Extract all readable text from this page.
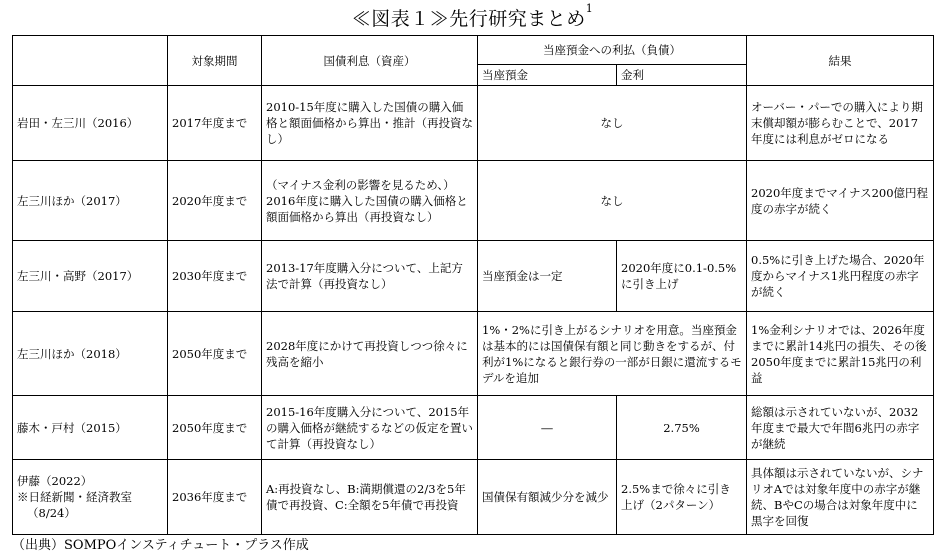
≪図表１≫先行研究まとめ$^1$
	対象期間	国債利息（資産）	当座預金への利払（負債）		結果
			当座預金	金利	
岩田・左三川（2016）	2017年度まで	2010-15年度に購入した国債の購入価格と額面価格から算出・推計（再投資なし）	なし		オーバー・パーでの購入により期末償却額が膨らむことで、2017年度には利息がゼロになる
左三川ほか（2017）	2020年度まで	（マイナス金利の影響を見るため、）2016年度に購入した国債の購入価格と額面価格から算出（再投資なし）	なし		2020年度までマイナス200億円程度の赤字が続く
左三川・高野（2017）	2030年度まで	2013-17年度購入分について、上記方法で計算（再投資なし）	当座預金は一定	2020年度に0.1-0.5%に引き上げ	0.5%に引き上げた場合、2020年度からマイナス1兆円程度の赤字が続く
左三川ほか（2018）	2050年度まで	2028年度にかけて再投資しつつ徐々に残高を縮小	1%・2%に引き上がるシナリオを用意。当座預金は基本的には国債保有額と同じ動きをするが、付利が1%になると銀行券の一部が日銀に還流するモデルを追加		1%金利シナリオでは、2026年度までに累計14兆円の損失、その後2050年度までに累計15兆円の利益
藤木・戸村（2015）	2050年度まで	2015-16年度購入分について、2015年の購入価格が継続するなどの仮定を置いて計算（再投資なし）	―	2.75%	総額は示されていないが、2032年度まで最大で年間6兆円の赤字が継続

伊藤（2022）
※日経新聞・経済教室
（8/24）	2036年度まで	A:再投資なし、B:満期償還の2/3を5年債で再投資、C:全額を5年債で再投資	国債保有額減少分を減少	2.5%まで徐々に引き上げ（2パターン）	具体額は示されていないが、シナリオAでは対象年度中の赤字が継続、BやCの場合は対象年度中に黒字を回復
（出典）SOMPOインスティチュート・プラス作成
